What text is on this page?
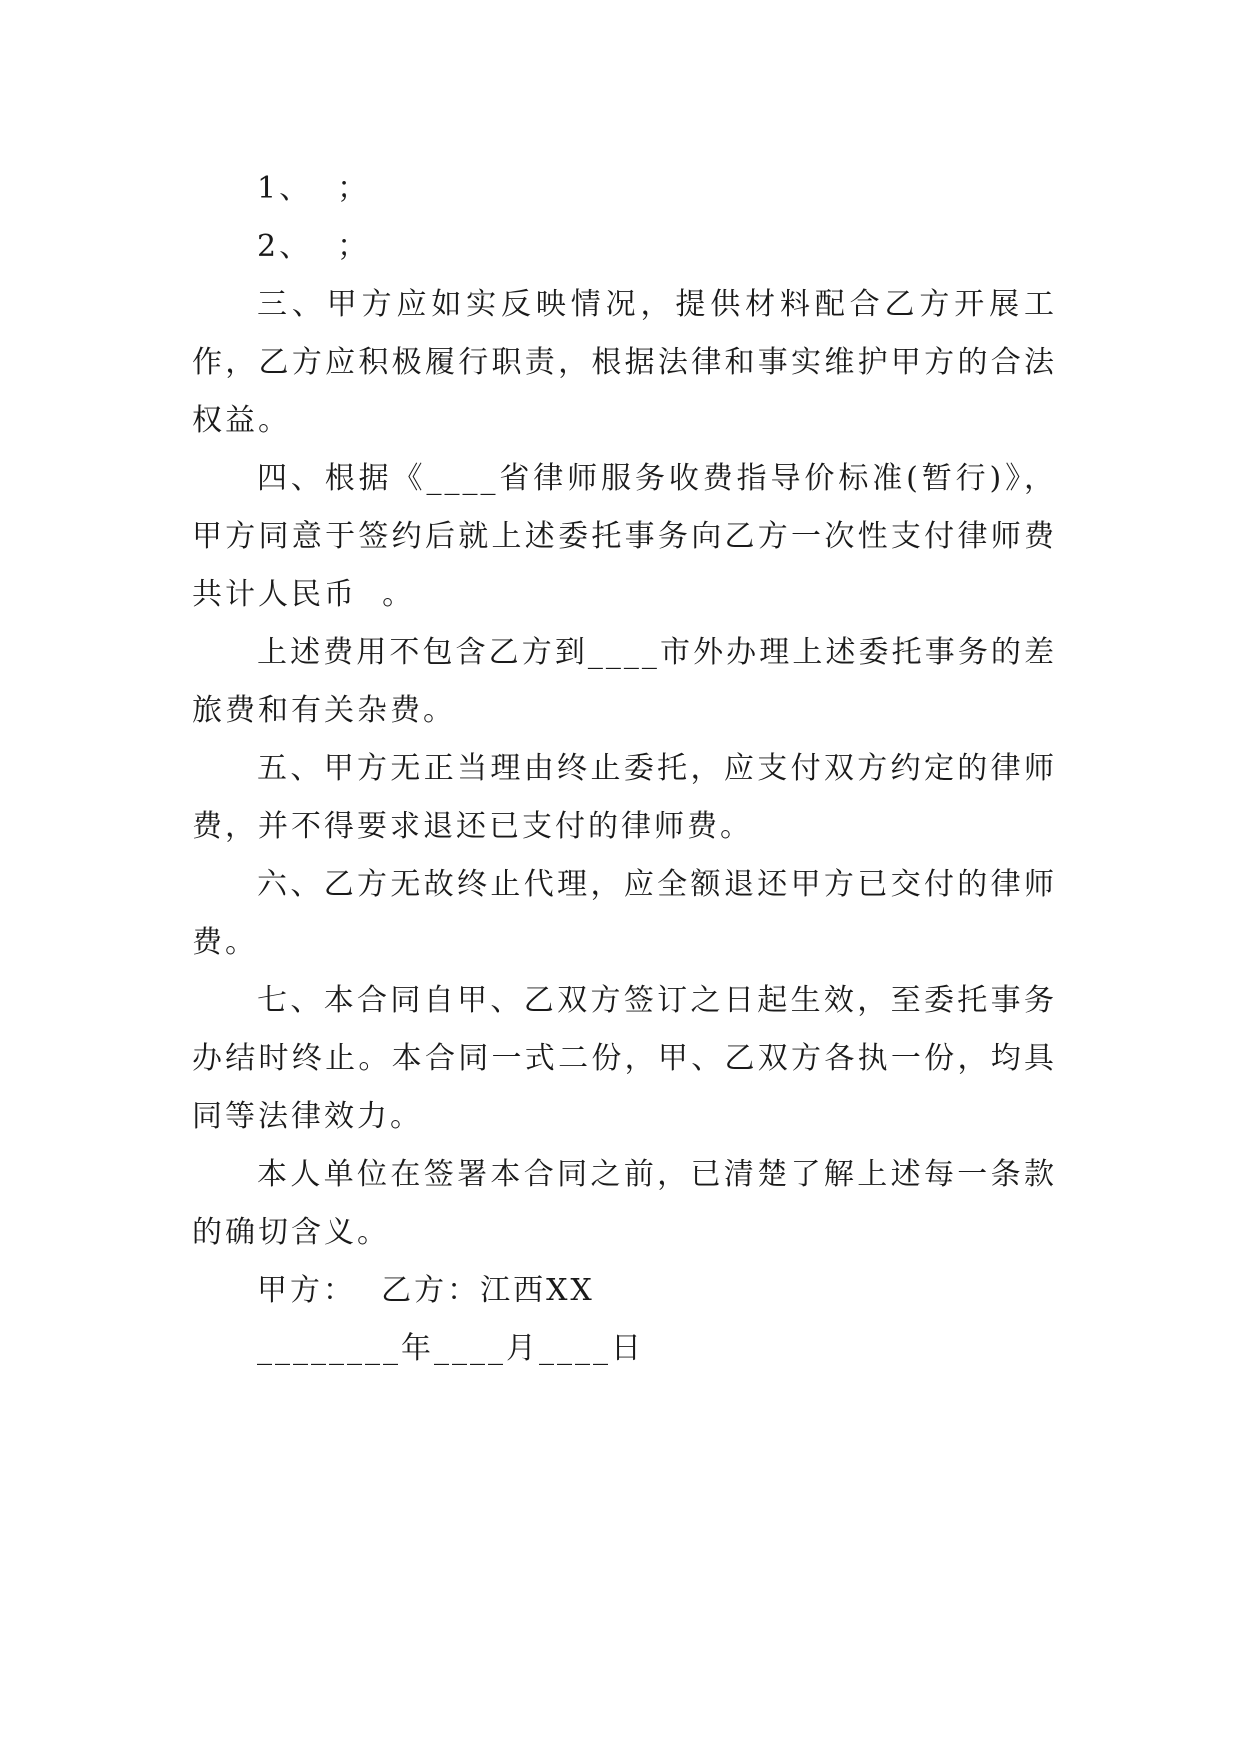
1、  ；

2、  ；

三、甲方应如实反映情况，提供材料配合乙方开展工作，乙方应积极履行职责，根据法律和事实维护甲方的合法权益。

四、根据《____省律师服务收费指导价标准(暂行)》，甲方同意于签约后就上述委托事务向乙方一次性支付律师费共计人民币  。

上述费用不包含乙方到____市外办理上述委托事务的差旅费和有关杂费。

五、甲方无正当理由终止委托，应支付双方约定的律师费，并不得要求退还已支付的律师费。

六、乙方无故终止代理，应全额退还甲方已交付的律师费。

七、本合同自甲、乙双方签订之日起生效，至委托事务办结时终止。本合同一式二份，甲、乙双方各执一份，均具同等法律效力。

本人单位在签署本合同之前，已清楚了解上述每一条款的确切含义。

甲方：  乙方：江西XX

________年____月____日
